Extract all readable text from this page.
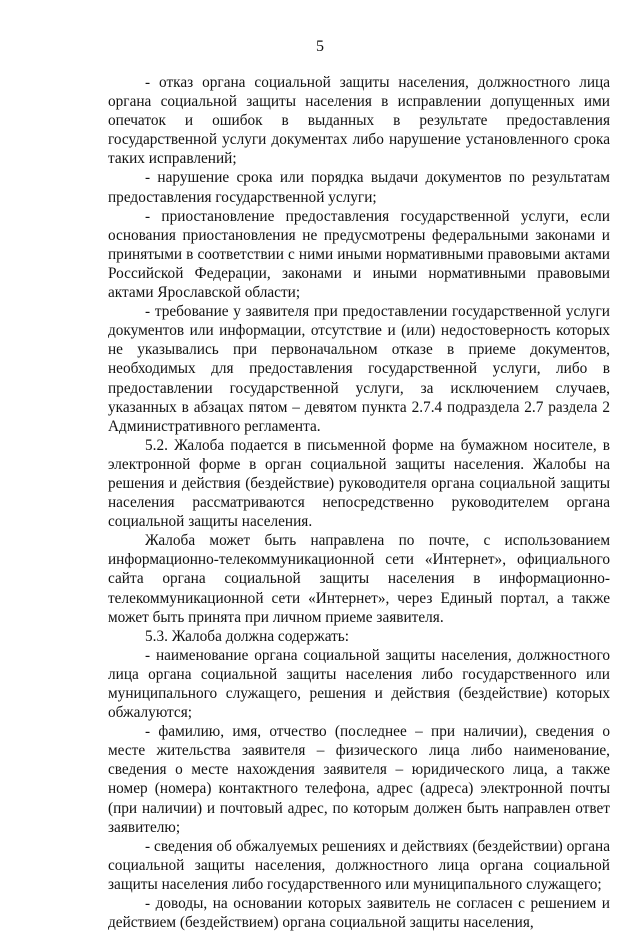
5

- отказ органа социальной защиты населения, должностного лица органа социальной защиты населения в исправлении допущенных ими опечаток и ошибок в выданных в результате предоставления государственной услуги документах либо нарушение установленного срока таких исправлений;

- нарушение срока или порядка выдачи документов по результатам предоставления государственной услуги;

- приостановление предоставления государственной услуги, если основания приостановления не предусмотрены федеральными законами и принятыми в соответствии с ними иными нормативными правовыми актами Российской Федерации, законами и иными нормативными правовыми актами Ярославской области;

- требование у заявителя при предоставлении государственной услуги документов или информации, отсутствие и (или) недостоверность которых не указывались при первоначальном отказе в приеме документов, необходимых для предоставления государственной услуги, либо в предоставлении государственной услуги, за исключением случаев, указанных в абзацах пятом – девятом пункта 2.7.4 подраздела 2.7 раздела 2 Административного регламента.

5.2. Жалоба подается в письменной форме на бумажном носителе, в электронной форме в орган социальной защиты населения. Жалобы на решения и действия (бездействие) руководителя органа социальной защиты населения рассматриваются непосредственно руководителем органа социальной защиты населения.

Жалоба может быть направлена по почте, с использованием информационно-телекоммуникационной сети «Интернет», официального сайта органа социальной защиты населения в информационно-телекоммуникационной сети «Интернет», через Единый портал, а также может быть принята при личном приеме заявителя.

5.3. Жалоба должна содержать:

- наименование органа социальной защиты населения, должностного лица органа социальной защиты населения либо государственного или муниципального служащего, решения и действия (бездействие) которых обжалуются;

- фамилию, имя, отчество (последнее – при наличии), сведения о месте жительства заявителя – физического лица либо наименование, сведения о месте нахождения заявителя – юридического лица, а также номер (номера) контактного телефона, адрес (адреса) электронной почты (при наличии) и почтовый адрес, по которым должен быть направлен ответ заявителю;

- сведения об обжалуемых решениях и действиях (бездействии) органа социальной защиты населения, должностного лица органа социальной защиты населения либо государственного или муниципального служащего;

- доводы, на основании которых заявитель не согласен с решением и действием (бездействием) органа социальной защиты населения,
